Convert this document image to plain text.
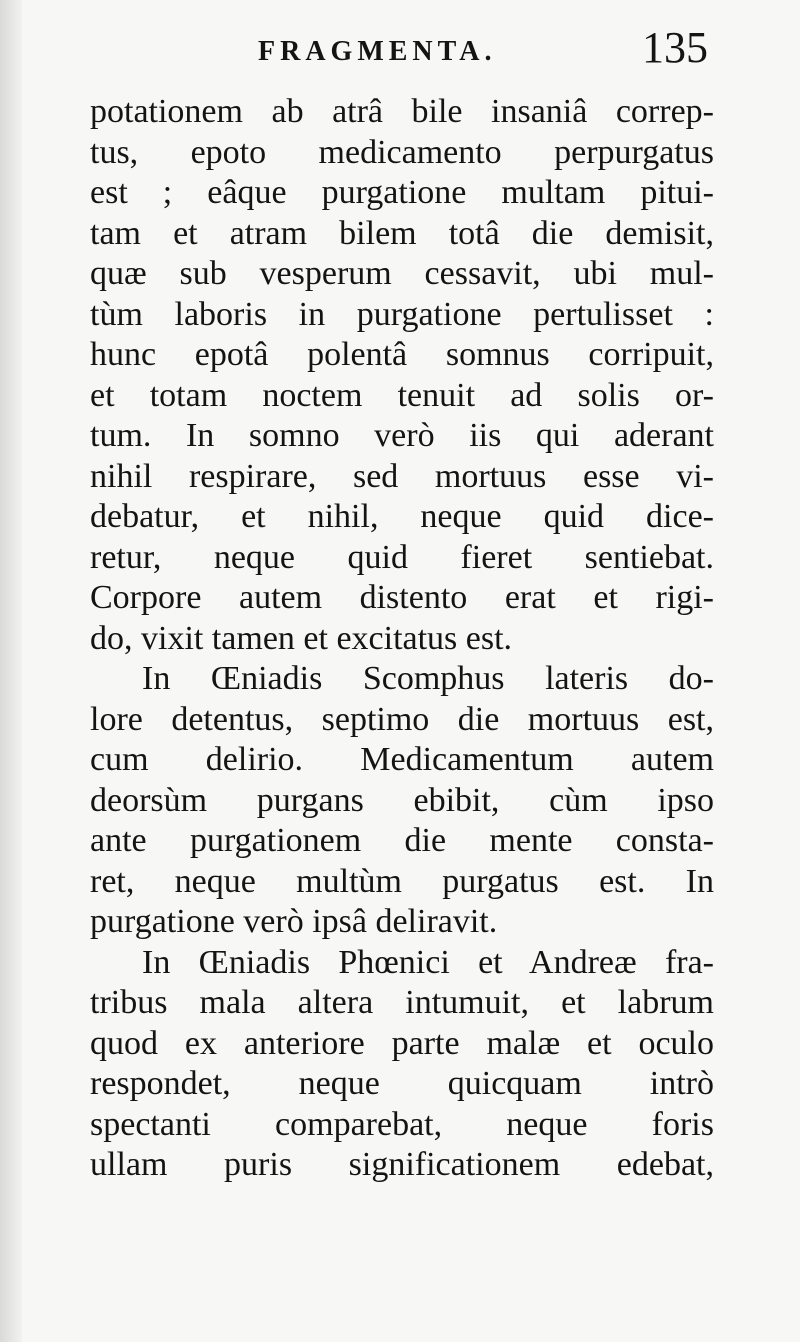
FRAGMENTA.	135
potationem ab atrâ bile insaniâ correp-
tus, epoto medicamento perpurgatus
est ; eâque purgatione multam pitui-
tam et atram bilem totâ die demisit,
quæ sub vesperum cessavit, ubi mul-
tùm laboris in purgatione pertulisset :
hunc epotâ polentâ somnus corripuit,
et totam noctem tenuit ad solis or-
tum. In somno verò iis qui aderant
nihil respirare, sed mortuus esse vi-
debatur, et nihil, neque quid dice-
retur, neque quid fieret sentiebat.
Corpore autem distento erat et rigi-
do, vixit tamen et excitatus est.
In Œniadis Scomphus lateris do-
lore detentus, septimo die mortuus est,
cum delirio. Medicamentum autem
deorsùm purgans ebibit, cùm ipso
ante purgationem die mente consta-
ret, neque multùm purgatus est. In
purgatione verò ipsâ deliravit.
In Œniadis Phœnici et Andreæ fra-
tribus mala altera intumuit, et labrum
quod ex anteriore parte malæ et oculo
respondet, neque quicquam intrò
spectanti comparebat, neque foris
ullam puris significationem edebat,
